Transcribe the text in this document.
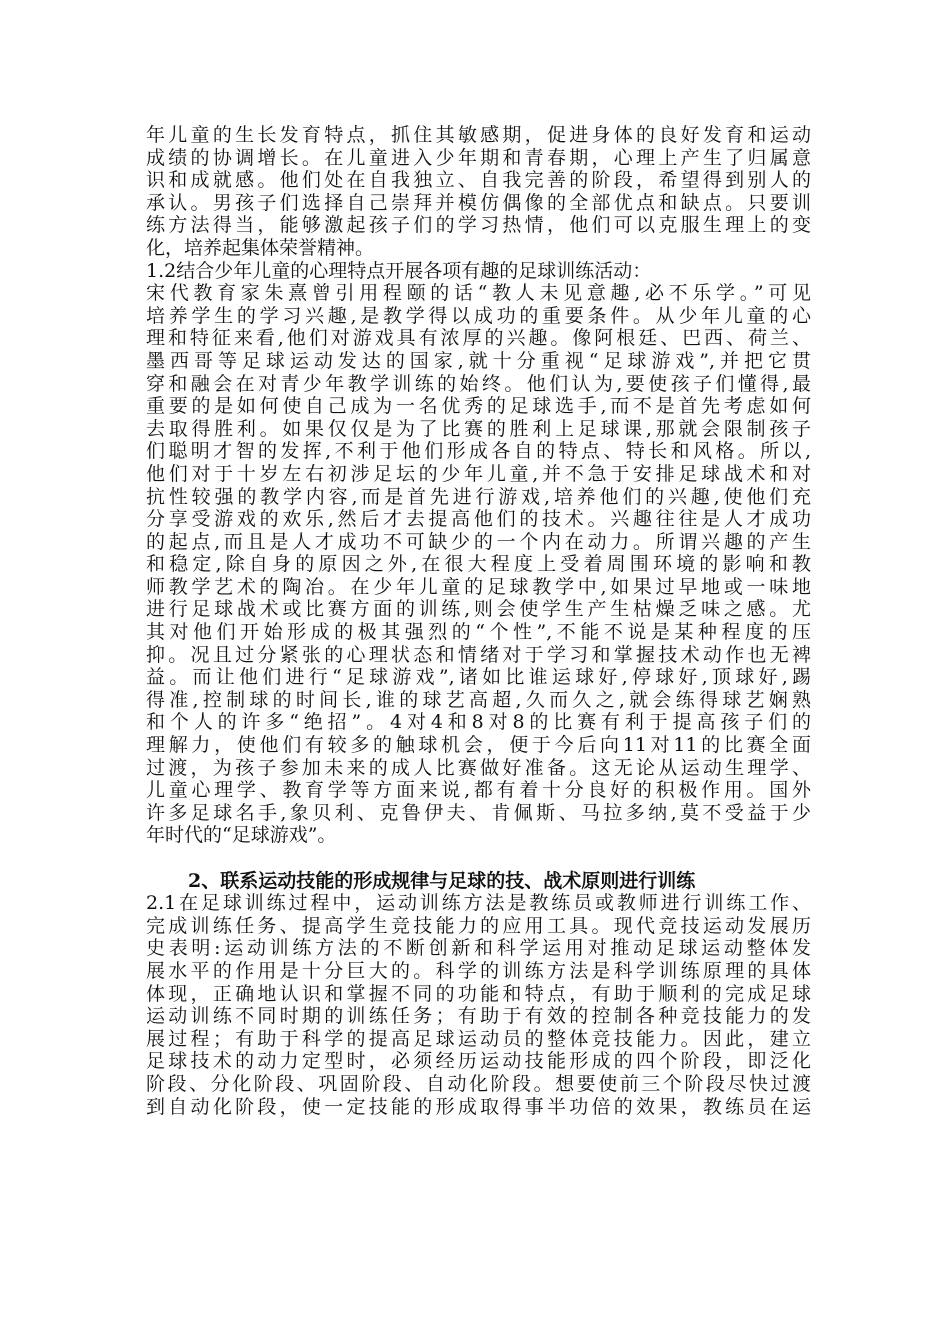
年儿童的生长发育特点，抓住其敏感期，促进身体的良好发育和运动
成绩的协调增长。在儿童进入少年期和青春期，心理上产生了归属意
识和成就感。他们处在自我独立、自我完善的阶段，希望得到别人的
承认。男孩子们选择自己崇拜并模仿偶像的全部优点和缺点。只要训
练方法得当，能够激起孩子们的学习热情，他们可以克服生理上的变
化，培养起集体荣誉精神。
1.2结合少年儿童的心理特点开展各项有趣的足球训练活动：
宋代教育家朱熹曾引用程颐的话“教人未见意趣,必不乐学。”可见
培养学生的学习兴趣,是教学得以成功的重要条件。从少年儿童的心
理和特征来看,他们对游戏具有浓厚的兴趣。像阿根廷、巴西、荷兰、
墨西哥等足球运动发达的国家,就十分重视“足球游戏”,并把它贯
穿和融会在对青少年教学训练的始终。他们认为,要使孩子们懂得,最
重要的是如何使自己成为一名优秀的足球选手,而不是首先考虑如何
去取得胜利。如果仅仅是为了比赛的胜利上足球课,那就会限制孩子
们聪明才智的发挥,不利于他们形成各自的特点、特长和风格。所以,
他们对于十岁左右初涉足坛的少年儿童,并不急于安排足球战术和对
抗性较强的教学内容,而是首先进行游戏,培养他们的兴趣,使他们充
分享受游戏的欢乐,然后才去提高他们的技术。兴趣往往是人才成功
的起点,而且是人才成功不可缺少的一个内在动力。所谓兴趣的产生
和稳定,除自身的原因之外,在很大程度上受着周围环境的影响和教
师教学艺术的陶冶。在少年儿童的足球教学中,如果过早地或一味地
进行足球战术或比赛方面的训练,则会使学生产生枯燥乏味之感。尤
其对他们开始形成的极其强烈的“个性”,不能不说是某种程度的压
抑。况且过分紧张的心理状态和情绪对于学习和掌握技术动作也无裨
益。而让他们进行“足球游戏”,诸如比谁运球好,停球好,顶球好,踢
得准,控制球的时间长,谁的球艺高超,久而久之,就会练得球艺娴熟
和个人的许多“绝招”。4对4和8对8的比赛有利于提高孩子们的
理解力，使他们有较多的触球机会，便于今后向11对11的比赛全面
过渡，为孩子参加未来的成人比赛做好准备。这无论从运动生理学、
儿童心理学、教育学等方面来说,都有着十分良好的积极作用。国外
许多足球名手,象贝利、克鲁伊夫、肯佩斯、马拉多纳,莫不受益于少
年时代的“足球游戏”。
2、联系运动技能的形成规律与足球的技、战术原则进行训练
2.1在足球训练过程中，运动训练方法是教练员或教师进行训练工作、
完成训练任务、提高学生竞技能力的应用工具。现代竞技运动发展历
史表明:运动训练方法的不断创新和科学运用对推动足球运动整体发
展水平的作用是十分巨大的。科学的训练方法是科学训练原理的具体
体现，正确地认识和掌握不同的功能和特点，有助于顺利的完成足球
运动训练不同时期的训练任务；有助于有效的控制各种竞技能力的发
展过程；有助于科学的提高足球运动员的整体竞技能力。因此，建立
足球技术的动力定型时，必须经历运动技能形成的四个阶段，即泛化
阶段、分化阶段、巩固阶段、自动化阶段。想要使前三个阶段尽快过渡
到自动化阶段，使一定技能的形成取得事半功倍的效果，教练员在运
